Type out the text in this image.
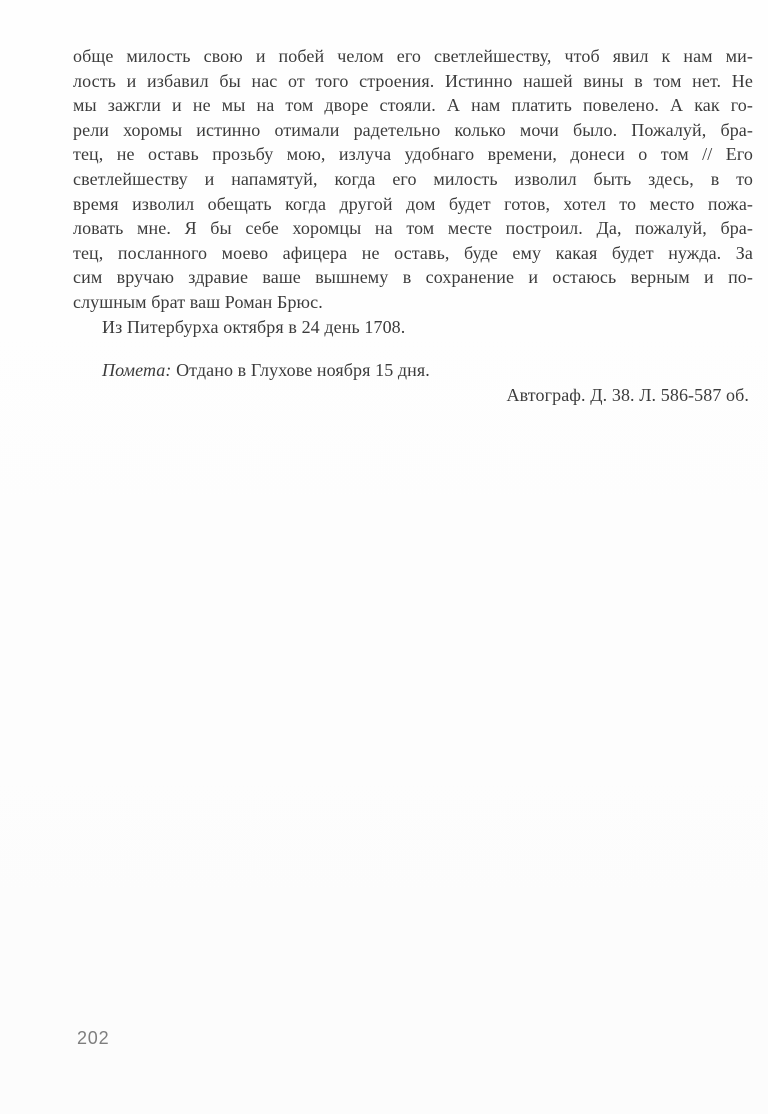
обще милость свою и побей челом его светлейшеству, чтоб явил к нам ми-

лость и избавил бы нас от того строения. Истинно нашей вины в том нет. Не

мы зажгли и не мы на том дворе стояли. А нам платить повелено. А как го-

рели хоромы истинно отимали радетельно колько мочи было. Пожалуй, бра-

тец, не оставь прозьбу мою, излуча удобнаго времени, донеси о том // Его

светлейшеству и напамятуй, когда его милость изволил быть здесь, в то

время изволил обещать когда другой дом будет готов, хотел то место пожа-

ловать мне. Я бы себе хоромцы на том месте построил. Да, пожалуй, бра-

тец, посланного моево афицера не оставь, буде ему какая будет нужда. За

сим вручаю здравие ваше вышнему в сохранение и остаюсь верным и по-

слушным брат ваш Роман Брюс.

Из Питербурха октября в 24 день 1708.

Помета: Отдано в Глухове ноября 15 дня.

Автограф. Д. 38. Л. 586-587 об.

202
